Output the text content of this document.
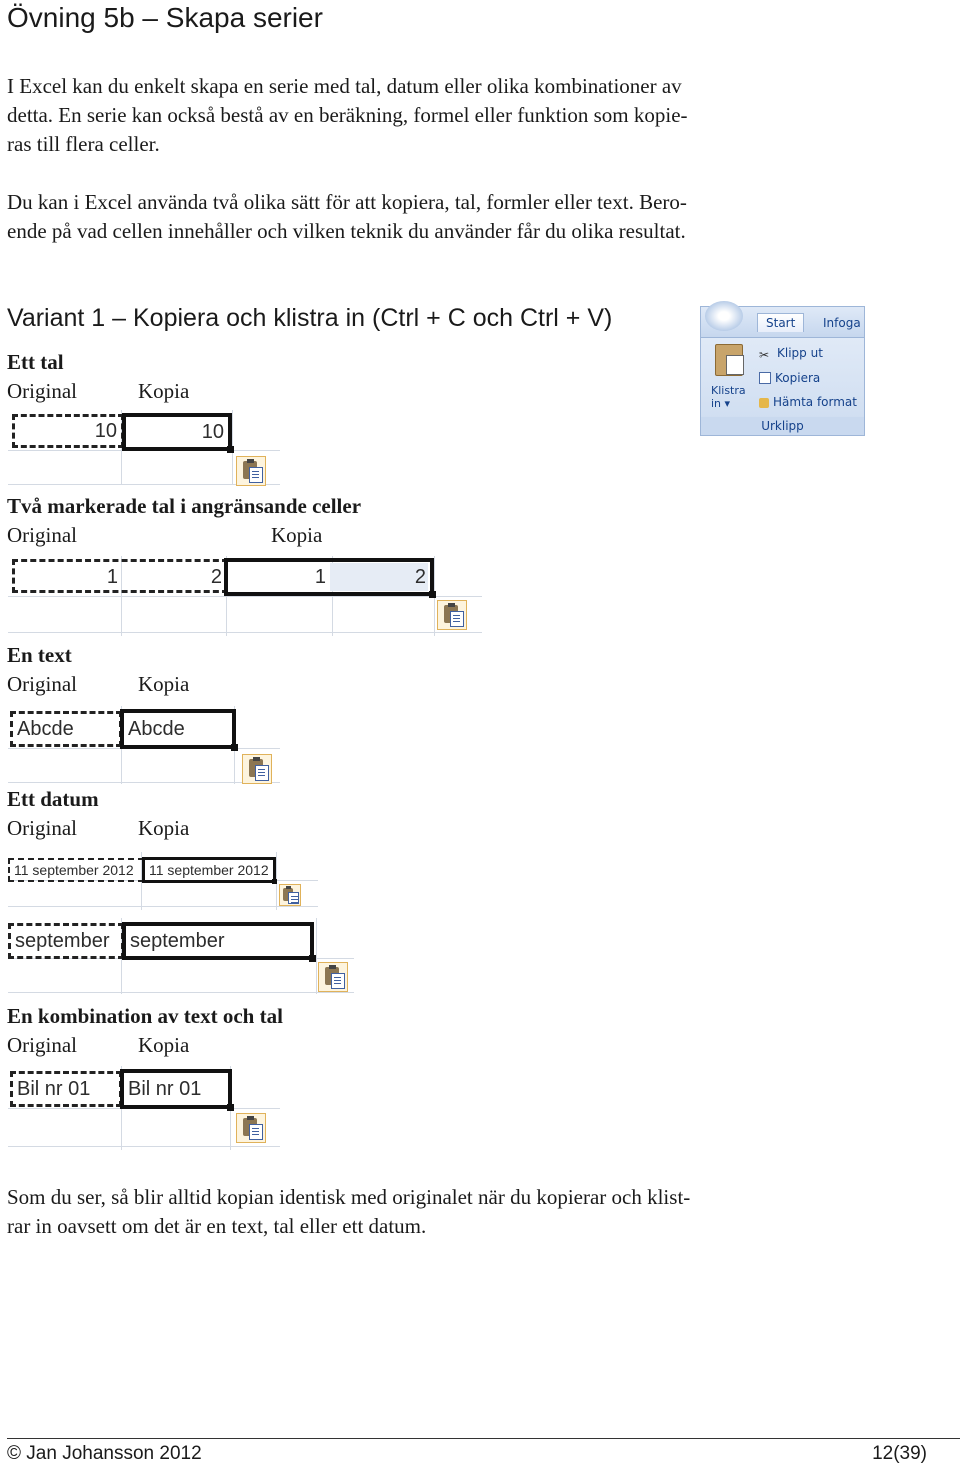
Övning 5b – Skapa serier
I Excel kan du enkelt skapa en serie med tal, datum eller olika kombinationer av
detta. En serie kan också bestå av en beräkning, formel eller funktion som kopie-
ras till flera celler.
Du kan i Excel använda två olika sätt för att kopiera, tal, formler eller text. Bero-
ende på vad cellen innehåller och vilken teknik du använder får du olika resultat.
Variant 1 – Kopiera och klistra in (Ctrl + C och Ctrl + V)	Start	Infoga
Klistra
in ▾
✂ Klipp ut
Kopiera
Hämta format
Urklipp
Ett tal
Original	Kopia
10	10
Två markerade tal i angränsande celler
Original	Kopia
1	2	1	2
En text
Original	Kopia
Abcde	Abcde
Ett datum
Original	Kopia
11 september 2012	11 september 2012
september	september
En kombination av text och tal
Original	Kopia
Bil nr 01	Bil nr 01
Som du ser, så blir alltid kopian identisk med originalet när du kopierar och klist-
rar in oavsett om det är en text, tal eller ett datum.
© Jan Johansson 2012	12(39)
